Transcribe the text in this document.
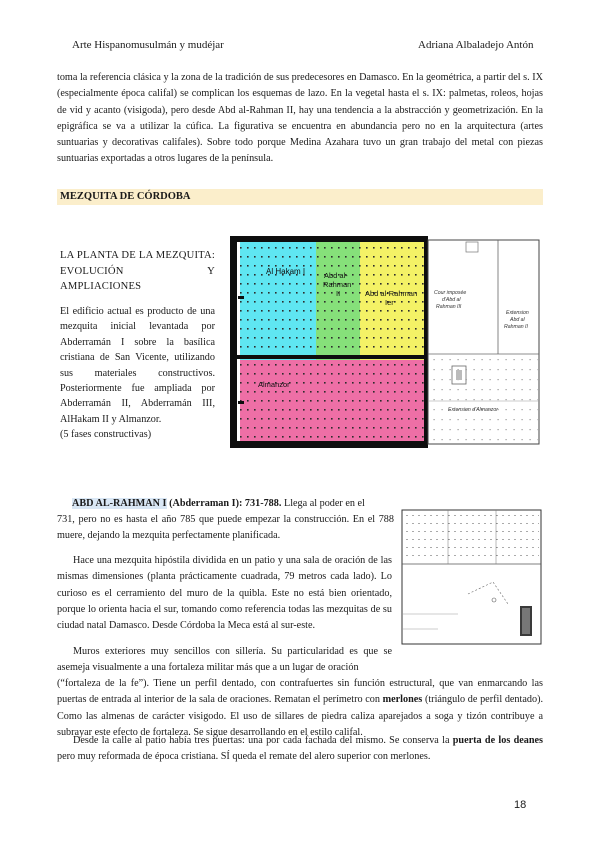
Arte Hispanomusulmán y mudéjar	Adriana Albaladejo Antón

toma la referencia clásica y la zona de la tradición de sus predecesores en Damasco. En la geométrica, a partir del s. IX (especialmente época califal) se complican los esquemas de lazo. En la vegetal hasta el s. IX: palmetas, roleos, hojas de vid y acanto (visigoda), pero desde Abd al-Rahman II, hay una tendencia a la abstracción y geometrización. En la epigráfica se va a utilizar la cúfica. La figurativa se encuentra en abundancia pero no en la arquitectura (artes suntuarias y decorativas califales). Sobre todo porque Medina Azahara tuvo un gran trabajo del metal con piezas suntuarias exportadas a otros lugares de la península.

MEZQUITA DE CÓRDOBA
LA PLANTA DE LA MEZQUITA: EVOLUCIÓN Y AMPLIACIONES

El edificio actual es producto de una mezquita inicial levantada por Abderramán I sobre la basílica cristiana de San Vicente, utilizando sus materiales constructivos. Posteriormente fue ampliada por Abderramán II, Abderramán III, AlHakam II y Almanzor.

(5 fases constructivas)
Al Hakam I	Abd al-
Rahman
II	Abd al-Rahman
Ier
Almanzor
Cour imposée
d'Abd al
Rahman III
Extension
Abd al
Rahman II
Extension d'Almanzor

ABD AL-RAHMAN I (Abderraman I): 731-788. Llega al poder en el

731, pero no es hasta el año 785 que puede empezar la construcción. En el 788 muere, dejando la mezquita perfectamente planificada.

Hace una mezquita hipóstila dividida en un patio y una sala de oración de las mismas dimensiones (planta prácticamente cuadrada, 79 metros cada lado). Lo curioso es el cerramiento del muro de la quibla. Este no está bien orientado, porque lo orienta hacia el sur, tomando como referencia todas las mezquitas de su ciudad natal Damasco. Desde Córdoba la Meca está al sur-este.

Muros exteriores muy sencillos con sillería. Su particularidad es que se asemeja visualmente a una fortaleza militar más que a un lugar de oración

(“fortaleza de la fe”). Tiene un perfil dentado, con contrafuertes sin función estructural, que van enmarcando las puertas de entrada al interior de la sala de oraciones. Rematan el perímetro con merlones (triángulo de perfil dentado). Como las almenas de carácter visigodo. El uso de sillares de piedra caliza aparejados a soga y tizón contribuye a subrayar este efecto de fortaleza. Se sigue desarrollando en el estilo califal.

Desde la calle al patio había tres puertas: una por cada fachada del mismo. Se conserva la puerta de los deanes pero muy reformada de época cristiana. SÍ queda el remate del alero superior con merlones.

18
